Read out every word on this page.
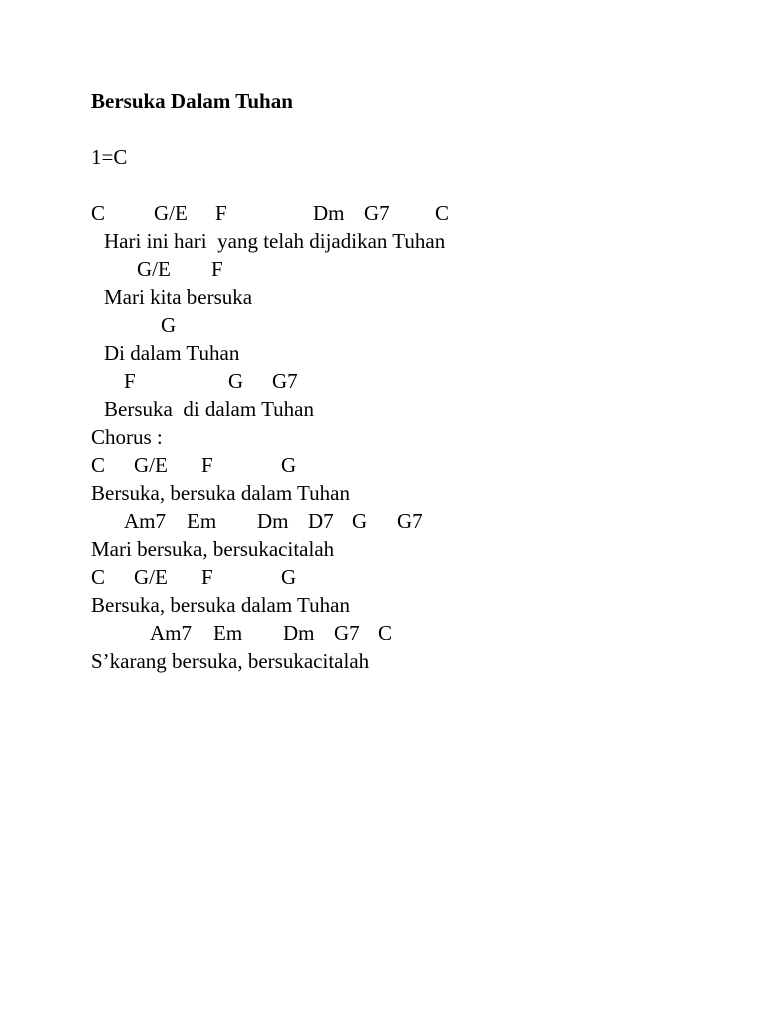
Bersuka Dalam Tuhan
1=C
C G/E F	Dm G7 C
Hari ini hari  yang telah dijadikan Tuhan
G/E F
Mari kita bersuka
G
Di dalam Tuhan
F	G G7
Bersuka  di dalam Tuhan
Chorus :
C G/E F	G
Bersuka, bersuka dalam Tuhan
Am7 Em Dm D7 G G7
Mari bersuka, bersukacitalah
C G/E F	G
Bersuka, bersuka dalam Tuhan
Am7 Em Dm G7 C
S’karang bersuka, bersukacitalah
